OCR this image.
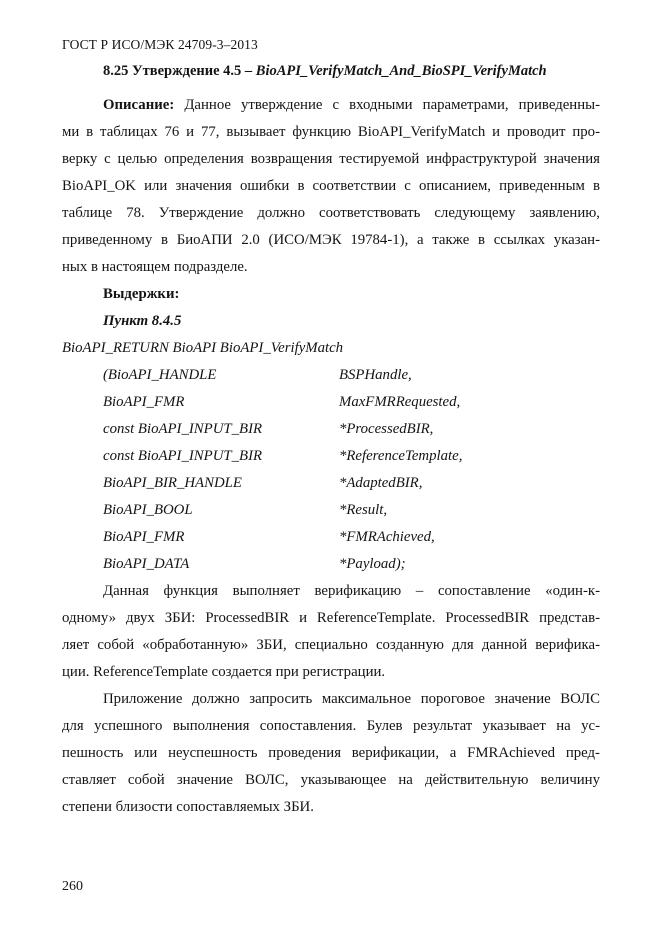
ГОСТ Р ИСО/МЭК 24709-3–2013
8.25 Утверждение 4.5 – BioAPI_VerifyMatch_And_BioSPI_VerifyMatch
Описание: Данное утверждение с входными параметрами, приведенны-
ми в таблицах 76 и 77, вызывает функцию BioAPI_VerifyMatch и проводит про-
верку с целью определения возвращения тестируемой инфраструктурой значения
BioAPI_OK или значения ошибки в соответствии с описанием, приведенным в
таблице 78. Утверждение должно соответствовать следующему заявлению,
приведенному в БиоАПИ 2.0 (ИСО/МЭК 19784-1), а также в ссылках указан-
ных в настоящем подразделе.
Выдержки:
Пункт 8.4.5
BioAPI_RETURN BioAPI BioAPI_VerifyMatch
(BioAPI_HANDLE	BSPHandle,
BioAPI_FMR	MaxFMRRequested,
const BioAPI_INPUT_BIR	*ProcessedBIR,
const BioAPI_INPUT_BIR	*ReferenceTemplate,
BioAPI_BIR_HANDLE	*AdaptedBIR,
BioAPI_BOOL	*Result,
BioAPI_FMR	*FMRAchieved,
BioAPI_DATA	*Payload);
Данная функция выполняет верификацию – сопоставление «один-к-
одному» двух ЗБИ: ProcessedBIR и ReferenceTemplate. ProcessedBIR представ-
ляет собой «обработанную» ЗБИ, специально созданную для данной верифика-
ции. ReferenceTemplate создается при регистрации.
Приложение должно запросить максимальное пороговое значение ВОЛС
для успешного выполнения сопоставления. Булев результат указывает на ус-
пешность или неуспешность проведения верификации, а FMRAchieved пред-
ставляет собой значение ВОЛС, указывающее на действительную величину
степени близости сопоставляемых ЗБИ.
260
